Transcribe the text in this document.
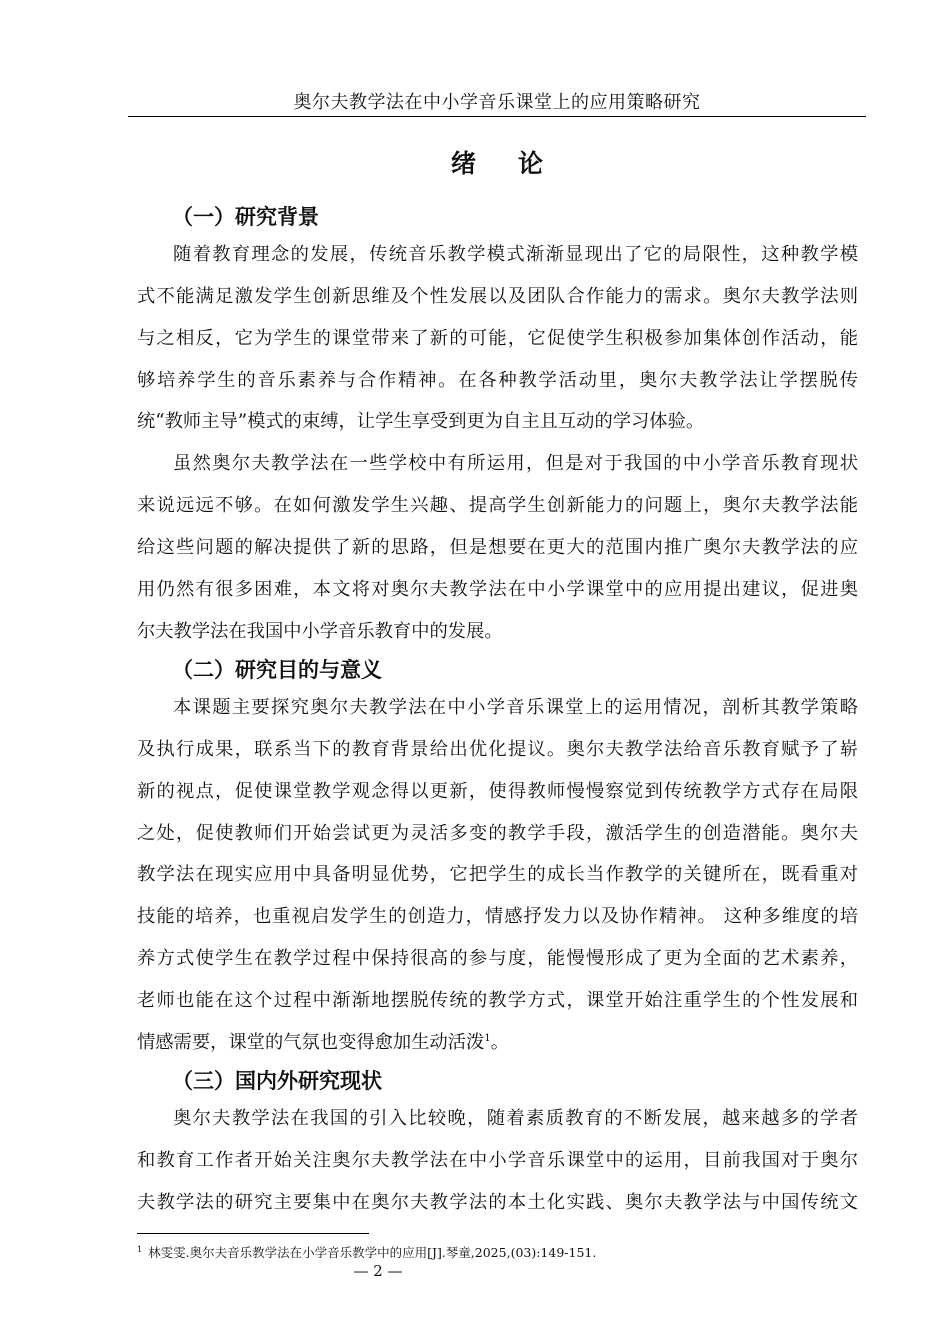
奥尔夫教学法在中小学音乐课堂上的应用策略研究
绪论
（一）研究背景
随着教育理念的发展，传统音乐教学模式渐渐显现出了它的局限性，这种教学模
式不能满足激发学生创新思维及个性发展以及团队合作能力的需求。奥尔夫教学法则
与之相反，它为学生的课堂带来了新的可能，它促使学生积极参加集体创作活动，能
够培养学生的音乐素养与合作精神。在各种教学活动里，奥尔夫教学法让学摆脱传
统“教师主导”模式的束缚，让学生享受到更为自主且互动的学习体验。
虽然奥尔夫教学法在一些学校中有所运用，但是对于我国的中小学音乐教育现状
来说远远不够。在如何激发学生兴趣、提高学生创新能力的问题上，奥尔夫教学法能
给这些问题的解决提供了新的思路，但是想要在更大的范围内推广奥尔夫教学法的应
用仍然有很多困难，本文将对奥尔夫教学法在中小学课堂中的应用提出建议，促进奥
尔夫教学法在我国中小学音乐教育中的发展。
（二）研究目的与意义
本课题主要探究奥尔夫教学法在中小学音乐课堂上的运用情况，剖析其教学策略
及执行成果，联系当下的教育背景给出优化提议。奥尔夫教学法给音乐教育赋予了崭
新的视点，促使课堂教学观念得以更新，使得教师慢慢察觉到传统教学方式存在局限
之处，促使教师们开始尝试更为灵活多变的教学手段，激活学生的创造潜能。奥尔夫
教学法在现实应用中具备明显优势，它把学生的成长当作教学的关键所在，既看重对
技能的培养，也重视启发学生的创造力，情感抒发力以及协作精神。 这种多维度的培
养方式使学生在教学过程中保持很高的参与度，能慢慢形成了更为全面的艺术素养，
老师也能在这个过程中渐渐地摆脱传统的教学方式，课堂开始注重学生的个性发展和
情感需要，课堂的气氛也变得愈加生动活泼$^1$。
（三）国内外研究现状
奥尔夫教学法在我国的引入比较晚，随着素质教育的不断发展，越来越多的学者
和教育工作者开始关注奥尔夫教学法在中小学音乐课堂中的运用，目前我国对于奥尔
夫教学法的研究主要集中在奥尔夫教学法的本土化实践、奥尔夫教学法与中国传统文
$^1$ 林雯雯.奥尔夫音乐教学法在小学音乐教学中的应用[J].琴童,2025,(03):149-151.
— 2 —
